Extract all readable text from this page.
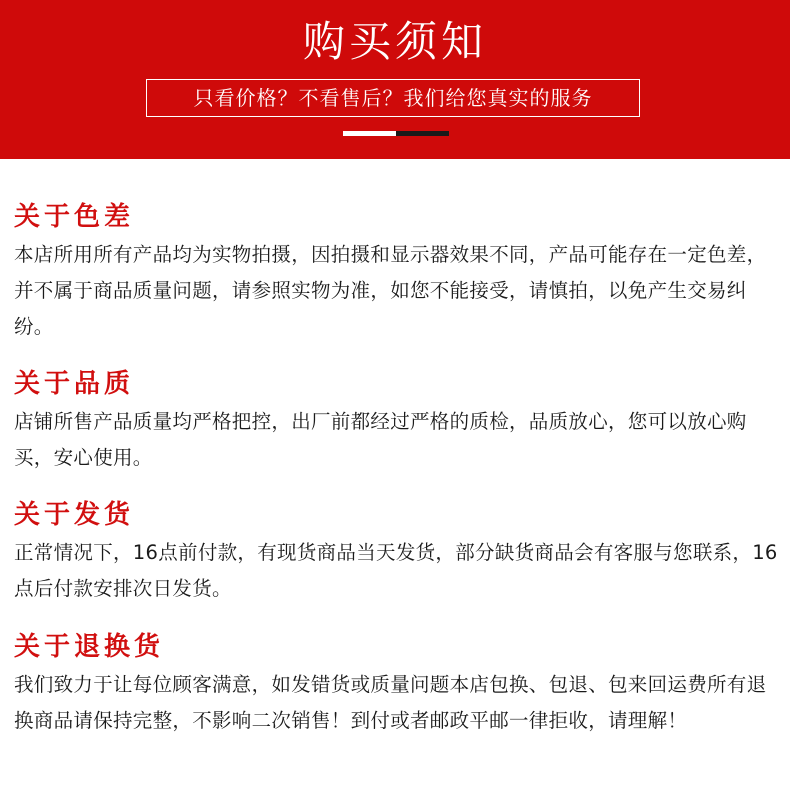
购买须知
只看价格？不看售后？我们给您真实的服务
关于色差

本店所用所有产品均为实物拍摄，因拍摄和显示器效果不同，产品可能存在一定色差，并不属于商品质量问题，请参照实物为准，如您不能接受，请慎拍，以免产生交易纠纷。

关于品质

店铺所售产品质量均严格把控，出厂前都经过严格的质检，品质放心，您可以放心购买，安心使用。

关于发货

正常情况下，16点前付款，有现货商品当天发货，部分缺货商品会有客服与您联系，16点后付款安排次日发货。

关于退换货

我们致力于让每位顾客满意，如发错货或质量问题本店包换、包退、包来回运费所有退换商品请保持完整，不影响二次销售！到付或者邮政平邮一律拒收，请理解！
